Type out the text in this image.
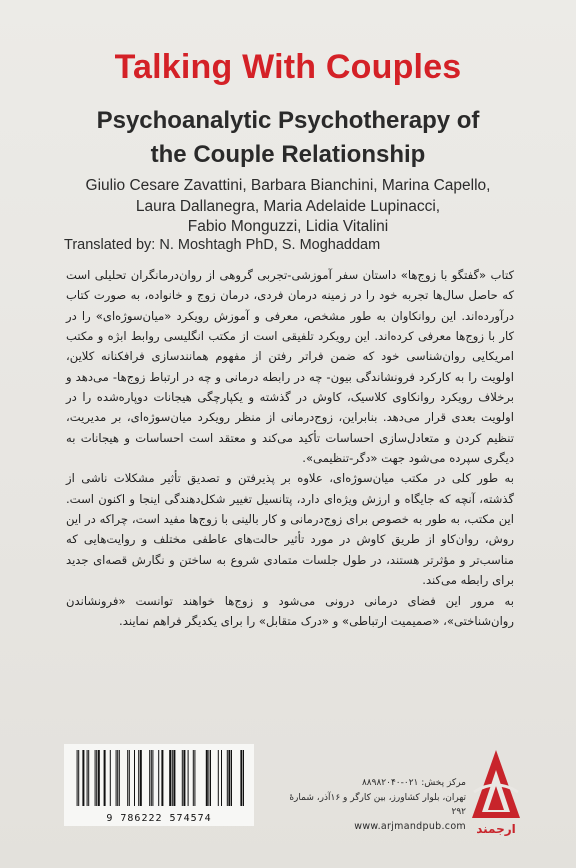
Talking With Couples
Psychoanalytic Psychotherapy of
the Couple Relationship
Giulio Cesare Zavattini, Barbara Bianchini, Marina Capello,
Laura Dallanegra, Maria Adelaide Lupinacci,
Fabio Monguzzi, Lidia Vitalini
Translated by: N. Moshtagh PhD, S. Moghaddam

کتاب «گفتگو با زوج‌ها» داستان سفر آموزشی-تجربی گروهی از روان‌درمانگران تحلیلی است که حاصل سال‌ها تجربه خود را در زمینه درمان فردی، درمان زوج و خانواده، به صورت کتاب درآورده‌اند. این روانکاوان به طور مشخص، معرفی و آموزش رویکرد «میان‌سوژه‌ای» را در کار با زوج‌ها معرفی کرده‌اند. این رویکرد تلفیقی است از مکتب انگلیسی روابط ابژه و مکتب امریکایی روان‌شناسی خود که ضمن فراتر رفتن از مفهوم همانندسازی فرافکنانه کلاین، اولویت را به کارکرد فرونشاندگی بیون- چه در رابطه درمانی و چه در ارتباط زوج‌ها- می‌دهد و برخلاف رویکرد روانکاوی کلاسیک، کاوش در گذشته و یکپارچگی هیجانات دوپاره‌شده را در اولویت بعدی قرار می‌دهد. بنابراین، زوج‌درمانی از منظر رویکرد میان‌سوژه‌ای، بر مدیریت، تنظیم کردن و متعادل‌سازی احساسات تأکید می‌کند و معتقد است احساسات و هیجانات به دیگری سپرده می‌شود جهت «دگر-تنظیمی».

به طور کلی در مکتب میان‌سوژه‌ای، علاوه بر پذیرفتن و تصدیق تأثیر مشکلات ناشی از گذشته، آنچه که جایگاه و ارزش ویژه‌ای دارد، پتانسیل تغییر شکل‌دهندگی اینجا و اکنون است. این مکتب، به طور به خصوص برای زوج‌درمانی و کار بالینی با زوج‌ها مفید است، چراکه در این روش، روان‌کاو از طریق کاوش در مورد تأثیر حالت‌های عاطفی مختلف و روایت‌هایی که مناسب‌تر و مؤثرتر هستند، در طول جلسات متمادی شروع به ساختن و نگارش قصه‌ای جدید برای رابطه می‌کند.

به مرور این فضای درمانی درونی می‌شود و زوج‌ها خواهند توانست «فرونشاندن روان‌شناختی»، «صمیمیت ارتباطی» و «درک متقابل» را برای یکدیگر فراهم نمایند.

9 786222 574574
مرکز پخش: ۰۲۱-۸۸۹۸۲۰۴۰
تهران، بلوار کشاورز، بین کارگر و ۱۶آذر، شمارهٔ ۲۹۲
www.arjmandpub.com ارجمند
